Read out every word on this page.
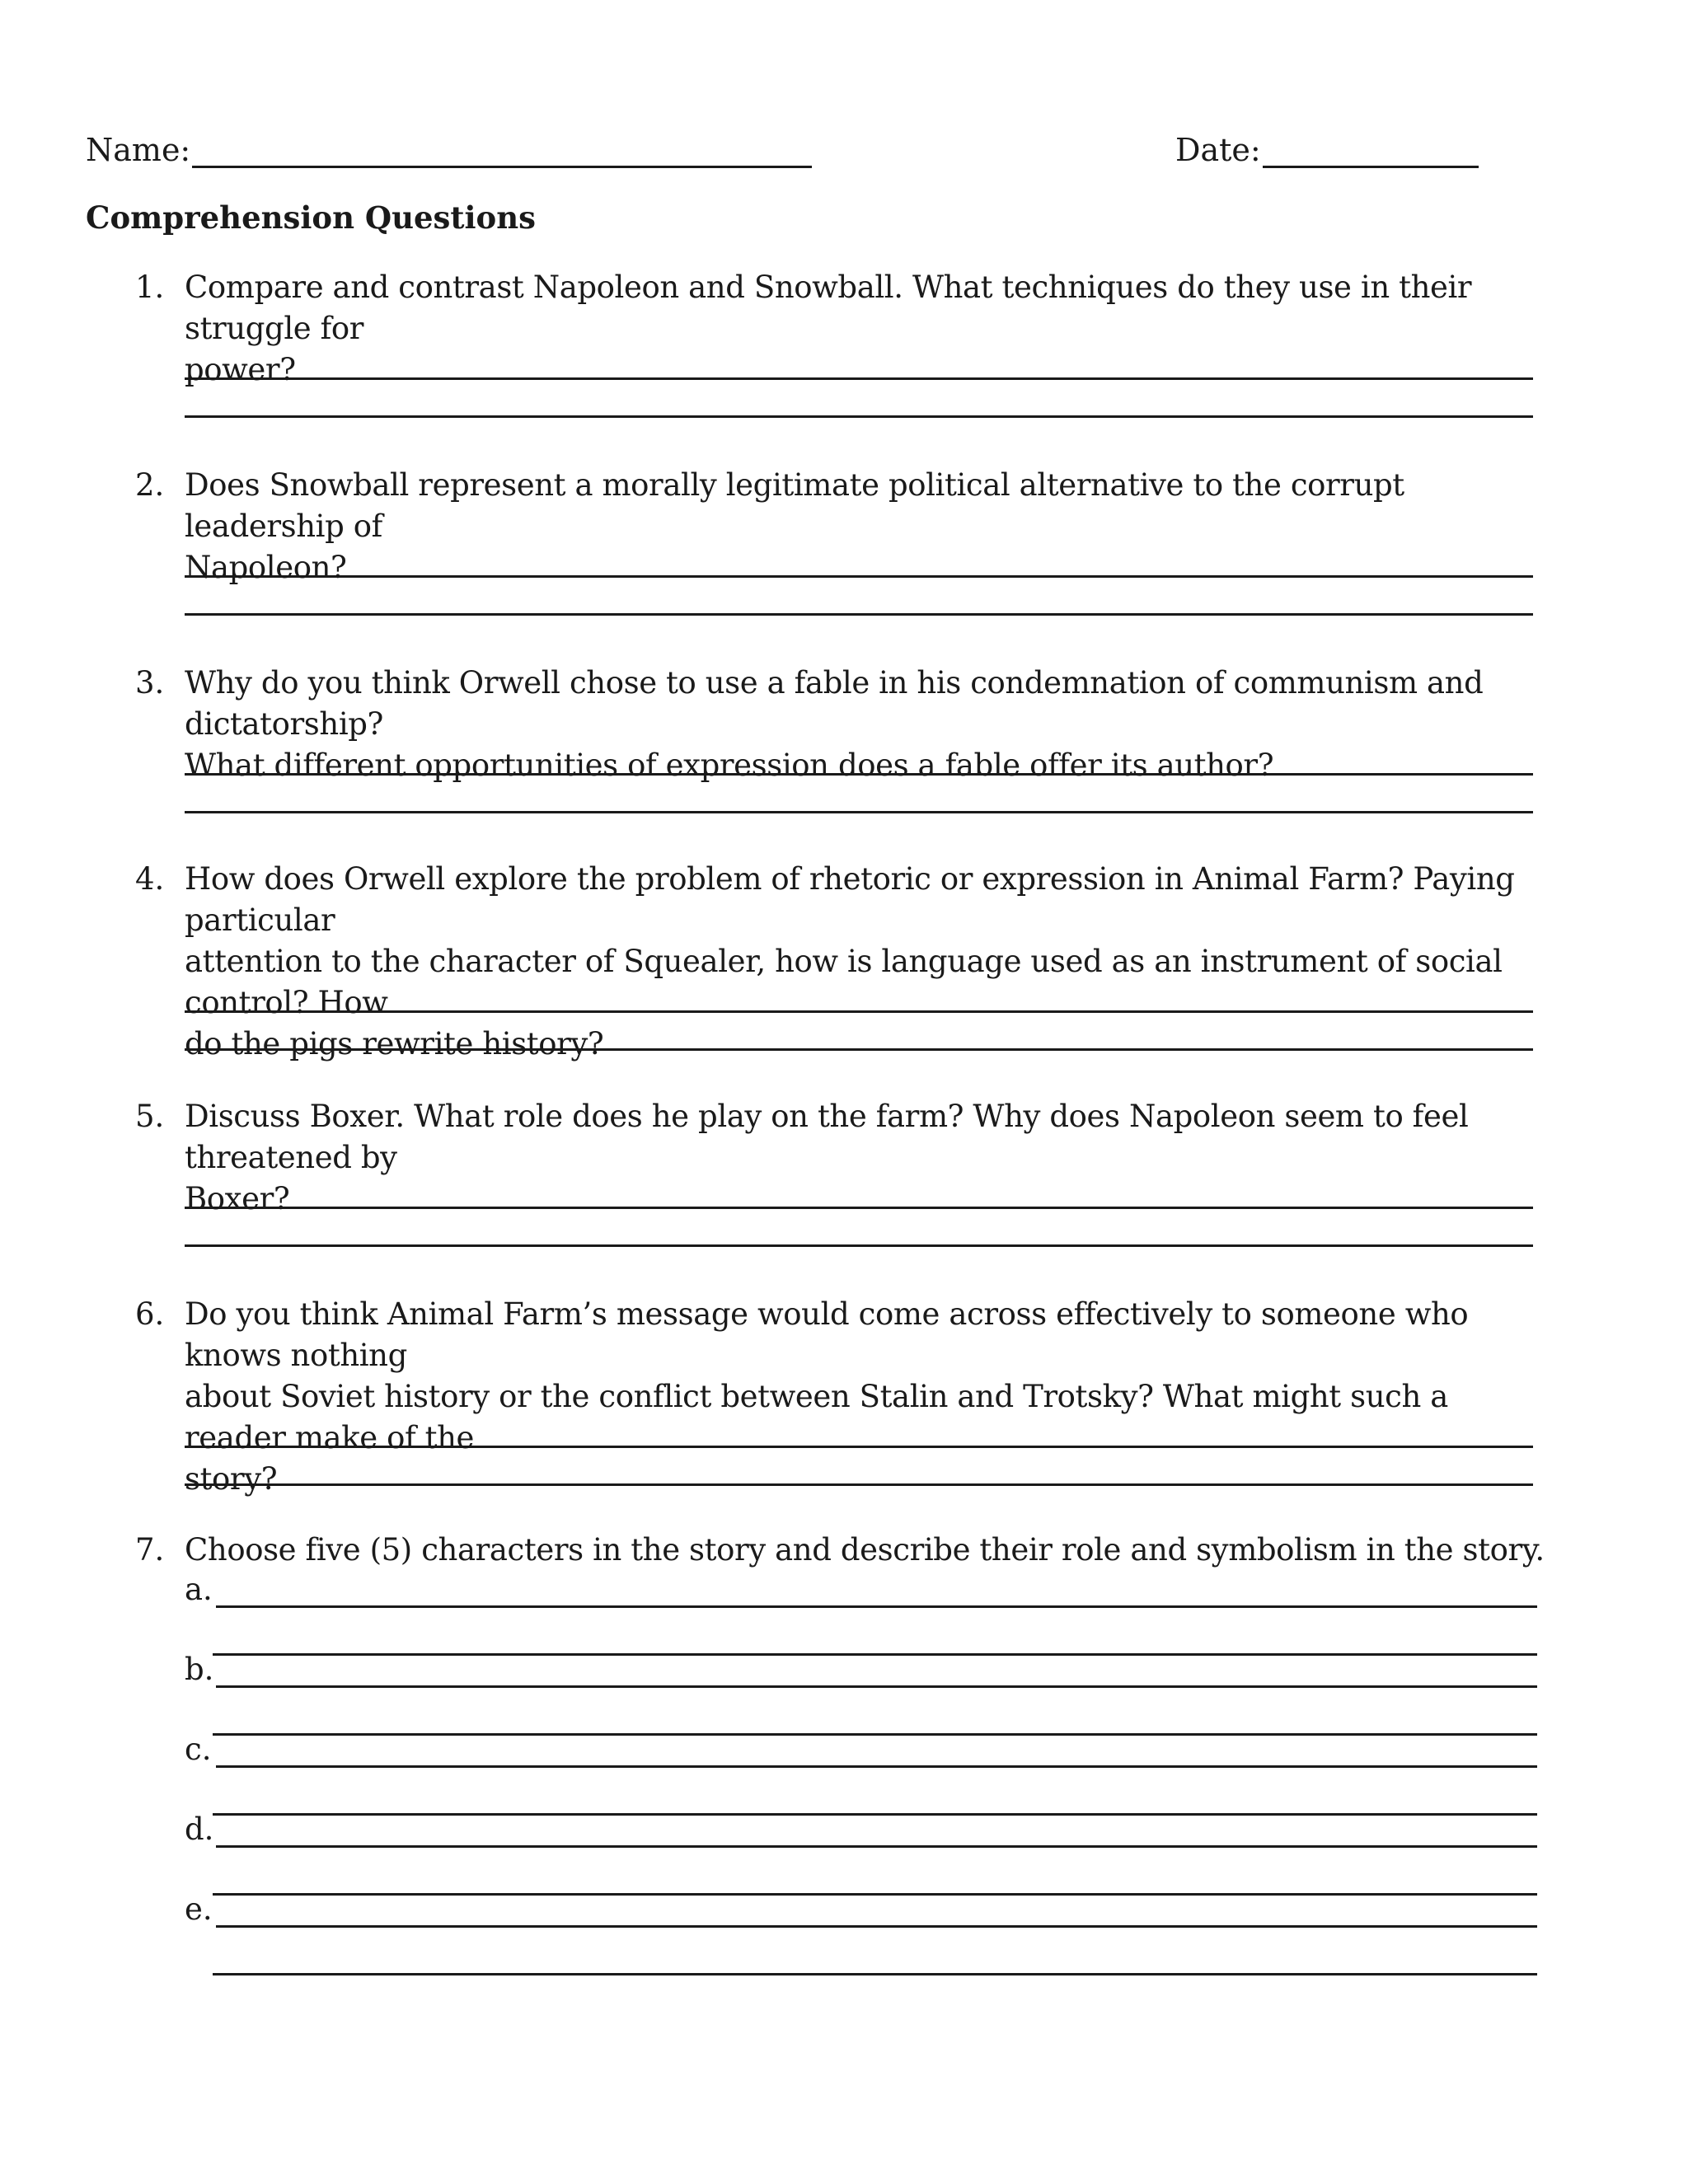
Name:	Date:
Comprehension Questions
1. Compare and contrast Napoleon and Snowball. What techniques do they use in their struggle for
power?
2. Does Snowball represent a morally legitimate political alternative to the corrupt leadership of
Napoleon?
3. Why do you think Orwell chose to use a fable in his condemnation of communism and dictatorship?
What different opportunities of expression does a fable offer its author?
4. How does Orwell explore the problem of rhetoric or expression in Animal Farm? Paying particular
attention to the character of Squealer, how is language used as an instrument of social control? How
do the pigs rewrite history?
5. Discuss Boxer. What role does he play on the farm? Why does Napoleon seem to feel threatened by
Boxer?
6. Do you think Animal Farm’s message would come across effectively to someone who knows nothing
about Soviet history or the conflict between Stalin and Trotsky? What might such a reader make of the
story?
7. Choose five (5) characters in the story and describe their role and symbolism in the story.
a.
b.
c.
d.
e.
